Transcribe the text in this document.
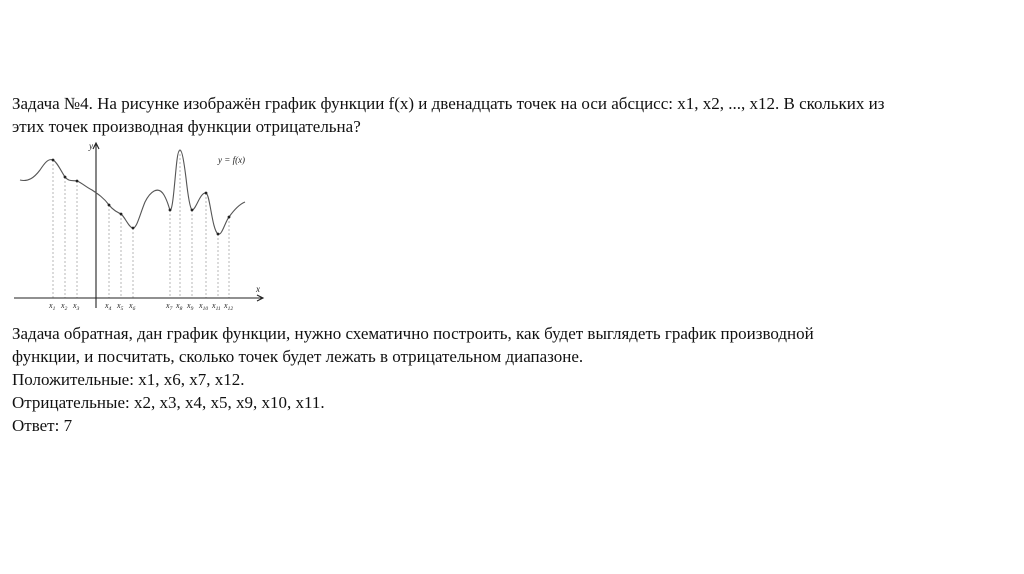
Задача №4. На рисунке изображён график функции f(x) и двенадцать точек на оси абсцисс: x1, x2, ..., x12. В скольких из
этих точек производная функции отрицательна?

y = f(x)
y
x
$x_1$ $x_2$ $x_3$	$x_4$ $x_5$ $x_6$	$x_7$ $x_8$ $x_9$ $x_{10}$ $x_{11}$ $x_{12}$

Задача обратная, дан график функции, нужно схематично построить, как будет выглядеть график производной
функции, и посчитать, сколько точек будет лежать в отрицательном диапазоне.
Положительные: x1, x6, x7, x12.
Отрицательные: x2, x3, x4, x5, x9, x10, x11.
Ответ: 7
